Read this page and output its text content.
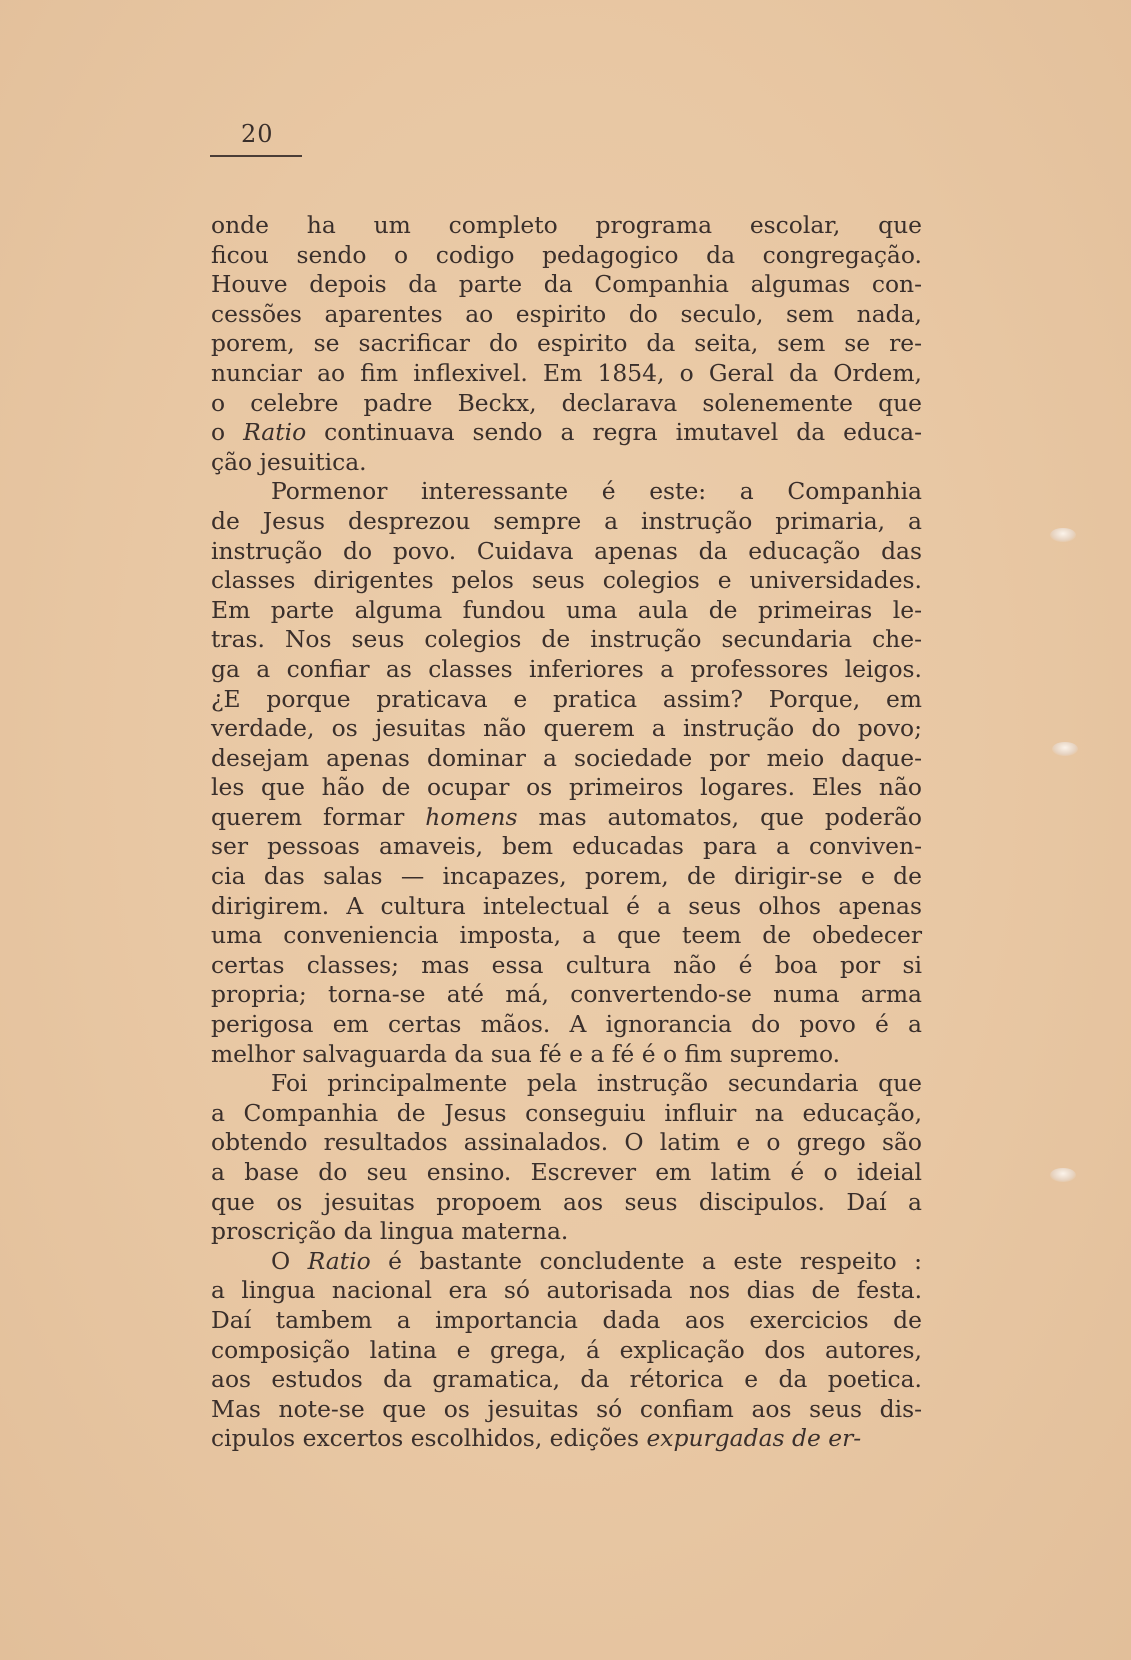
20
onde ha um completo programa escolar, que
ficou sendo o codigo pedagogico da congregação.
Houve depois da parte da Companhia algumas con-
cessões aparentes ao espirito do seculo, sem nada,
porem, se sacrificar do espirito da seita, sem se re-
nunciar ao fim inflexivel. Em 1854, o Geral da Ordem,
o celebre padre Beckx, declarava solenemente que
o Ratio continuava sendo a regra imutavel da educa-
ção jesuitica.
Pormenor interessante é este: a Companhia
de Jesus desprezou sempre a instrução primaria, a
instrução do povo. Cuidava apenas da educação das
classes dirigentes pelos seus colegios e universidades.
Em parte alguma fundou uma aula de primeiras le-
tras. Nos seus colegios de instrução secundaria che-
ga a confiar as classes inferiores a professores leigos.
¿E porque praticava e pratica assim? Porque, em
verdade, os jesuitas não querem a instrução do povo;
desejam apenas dominar a sociedade por meio daque-
les que hão de ocupar os primeiros logares. Eles não
querem formar homens mas automatos, que poderão
ser pessoas amaveis, bem educadas para a conviven-
cia das salas — incapazes, porem, de dirigir-se e de
dirigirem. A cultura intelectual é a seus olhos apenas
uma conveniencia imposta, a que teem de obedecer
certas classes; mas essa cultura não é boa por si
propria; torna-se até má, convertendo-se numa arma
perigosa em certas mãos. A ignorancia do povo é a
melhor salvaguarda da sua fé e a fé é o fim supremo.
Foi principalmente pela instrução secundaria que
a Companhia de Jesus conseguiu influir na educação,
obtendo resultados assinalados. O latim e o grego são
a base do seu ensino. Escrever em latim é o ideial
que os jesuitas propoem aos seus discipulos. Daí a
proscrição da lingua materna.
O Ratio é bastante concludente a este respeito :
a lingua nacional era só autorisada nos dias de festa.
Daí tambem a importancia dada aos exercicios de
composição latina e grega, á explicação dos autores,
aos estudos da gramatica, da rétorica e da poetica.
Mas note-se que os jesuitas só confiam aos seus dis-
cipulos excertos escolhidos, edições expurgadas de er-
